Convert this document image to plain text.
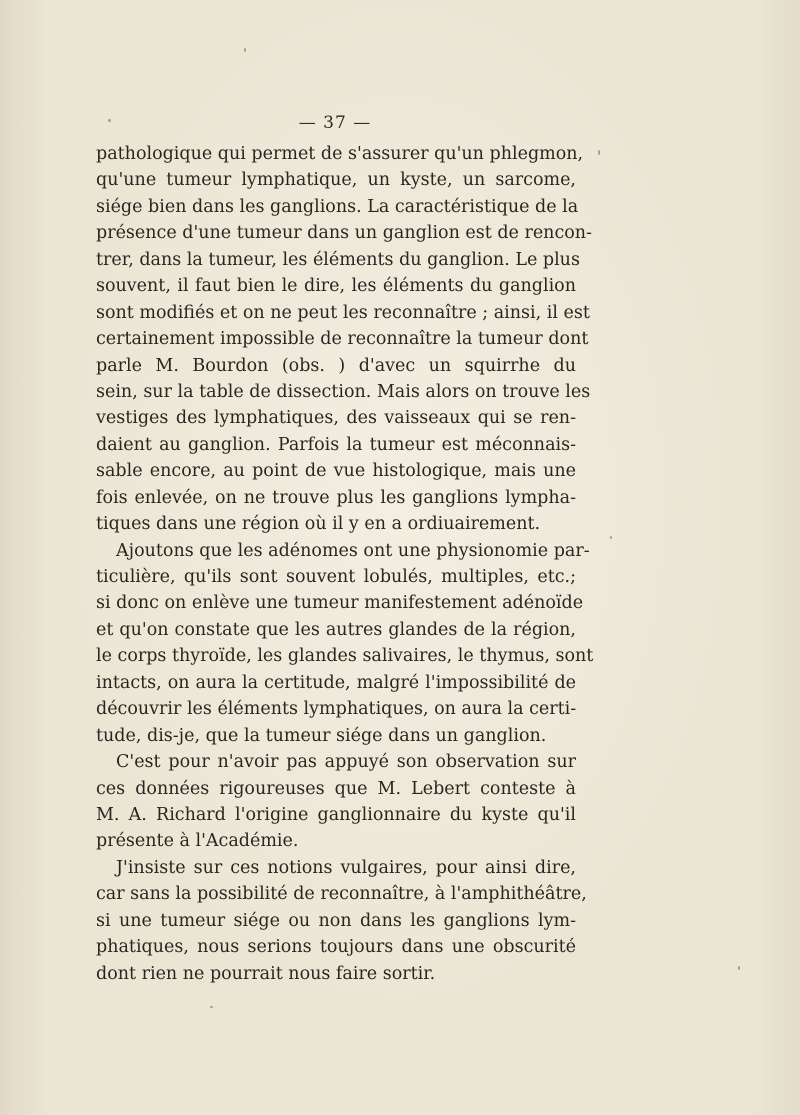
— 37 —
pathologique qui permet de s'assurer qu'un phlegmon,
qu'une tumeur lymphatique, un kyste, un sarcome,
siége bien dans les ganglions. La caractéristique de la
présence d'une tumeur dans un ganglion est de rencon-
trer, dans la tumeur, les éléments du ganglion. Le plus
souvent, il faut bien le dire, les éléments du ganglion
sont modifiés et on ne peut les reconnaître ; ainsi, il est
certainement impossible de reconnaître la tumeur dont
parle M. Bourdon (obs. ) d'avec un squirrhe du
sein, sur la table de dissection. Mais alors on trouve les
vestiges des lymphatiques, des vaisseaux qui se ren-
daient au ganglion. Parfois la tumeur est méconnais-
sable encore, au point de vue histologique, mais une
fois enlevée, on ne trouve plus les ganglions lympha-
tiques dans une région où il y en a ordiuairement.
Ajoutons que les adénomes ont une physionomie par-
ticulière, qu'ils sont souvent lobulés, multiples, etc.;
si donc on enlève une tumeur manifestement adénoïde
et qu'on constate que les autres glandes de la région,
le corps thyroïde, les glandes salivaires, le thymus, sont
intacts, on aura la certitude, malgré l'impossibilité de
découvrir les éléments lymphatiques, on aura la certi-
tude, dis-je, que la tumeur siége dans un ganglion.
C'est pour n'avoir pas appuyé son observation sur
ces données rigoureuses que M. Lebert conteste à
M. A. Richard l'origine ganglionnaire du kyste qu'il
présente à l'Académie.
J'insiste sur ces notions vulgaires, pour ainsi dire,
car sans la possibilité de reconnaître, à l'amphithéâtre,
si une tumeur siége ou non dans les ganglions lym-
phatiques, nous serions toujours dans une obscurité
dont rien ne pourrait nous faire sortir.
